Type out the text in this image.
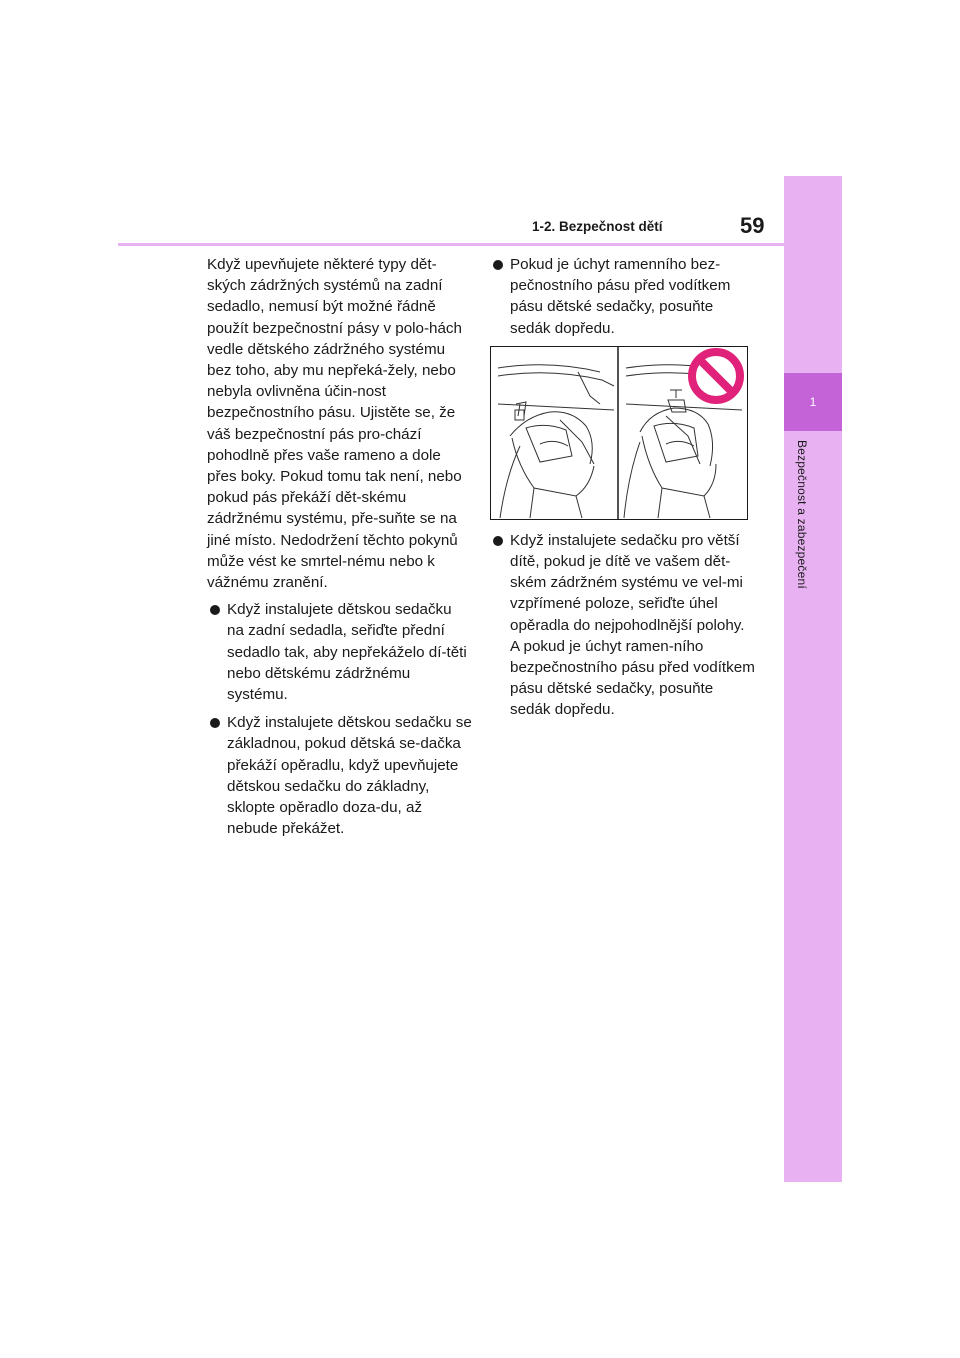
1-2. Bezpečnost dětí	59
1
Bezpečnost a zabezpečení

Když upevňujete některé typy dět-ských zádržných systémů na zadní sedadlo, nemusí být možné řádně použít bezpečnostní pásy v polo-hách vedle dětského zádržného systému bez toho, aby mu nepřeká-žely, nebo nebyla ovlivněna účin-nost bezpečnostního pásu. Ujistěte se, že váš bezpečnostní pás pro-chází pohodlně přes vaše rameno a dole přes boky. Pokud tomu tak není, nebo pokud pás překáží dět-skému zádržnému systému, pře-suňte se na jiné místo. Nedodržení těchto pokynů může vést ke smrtel-nému nebo k vážnému zranění.

Když instalujete dětskou sedačku na zadní sedadla, seřiďte přední sedadlo tak, aby nepřekáželo dí-těti nebo dětskému zádržnému systému.
Když instalujete dětskou sedačku se základnou, pokud dětská se-dačka překáží opěradlu, když upevňujete dětskou sedačku do základny, sklopte opěradlo doza-du, až nebude překážet.
Pokud je úchyt ramenního bez-pečnostního pásu před vodítkem pásu dětské sedačky, posuňte sedák dopředu.
Když instalujete sedačku pro větší dítě, pokud je dítě ve vašem dět-ském zádržném systému ve vel-mi vzpřímené poloze, seřiďte úhel opěradla do nejpohodlnější polohy. A pokud je úchyt ramen-ního bezpečnostního pásu před vodítkem pásu dětské sedačky, posuňte sedák dopředu.
